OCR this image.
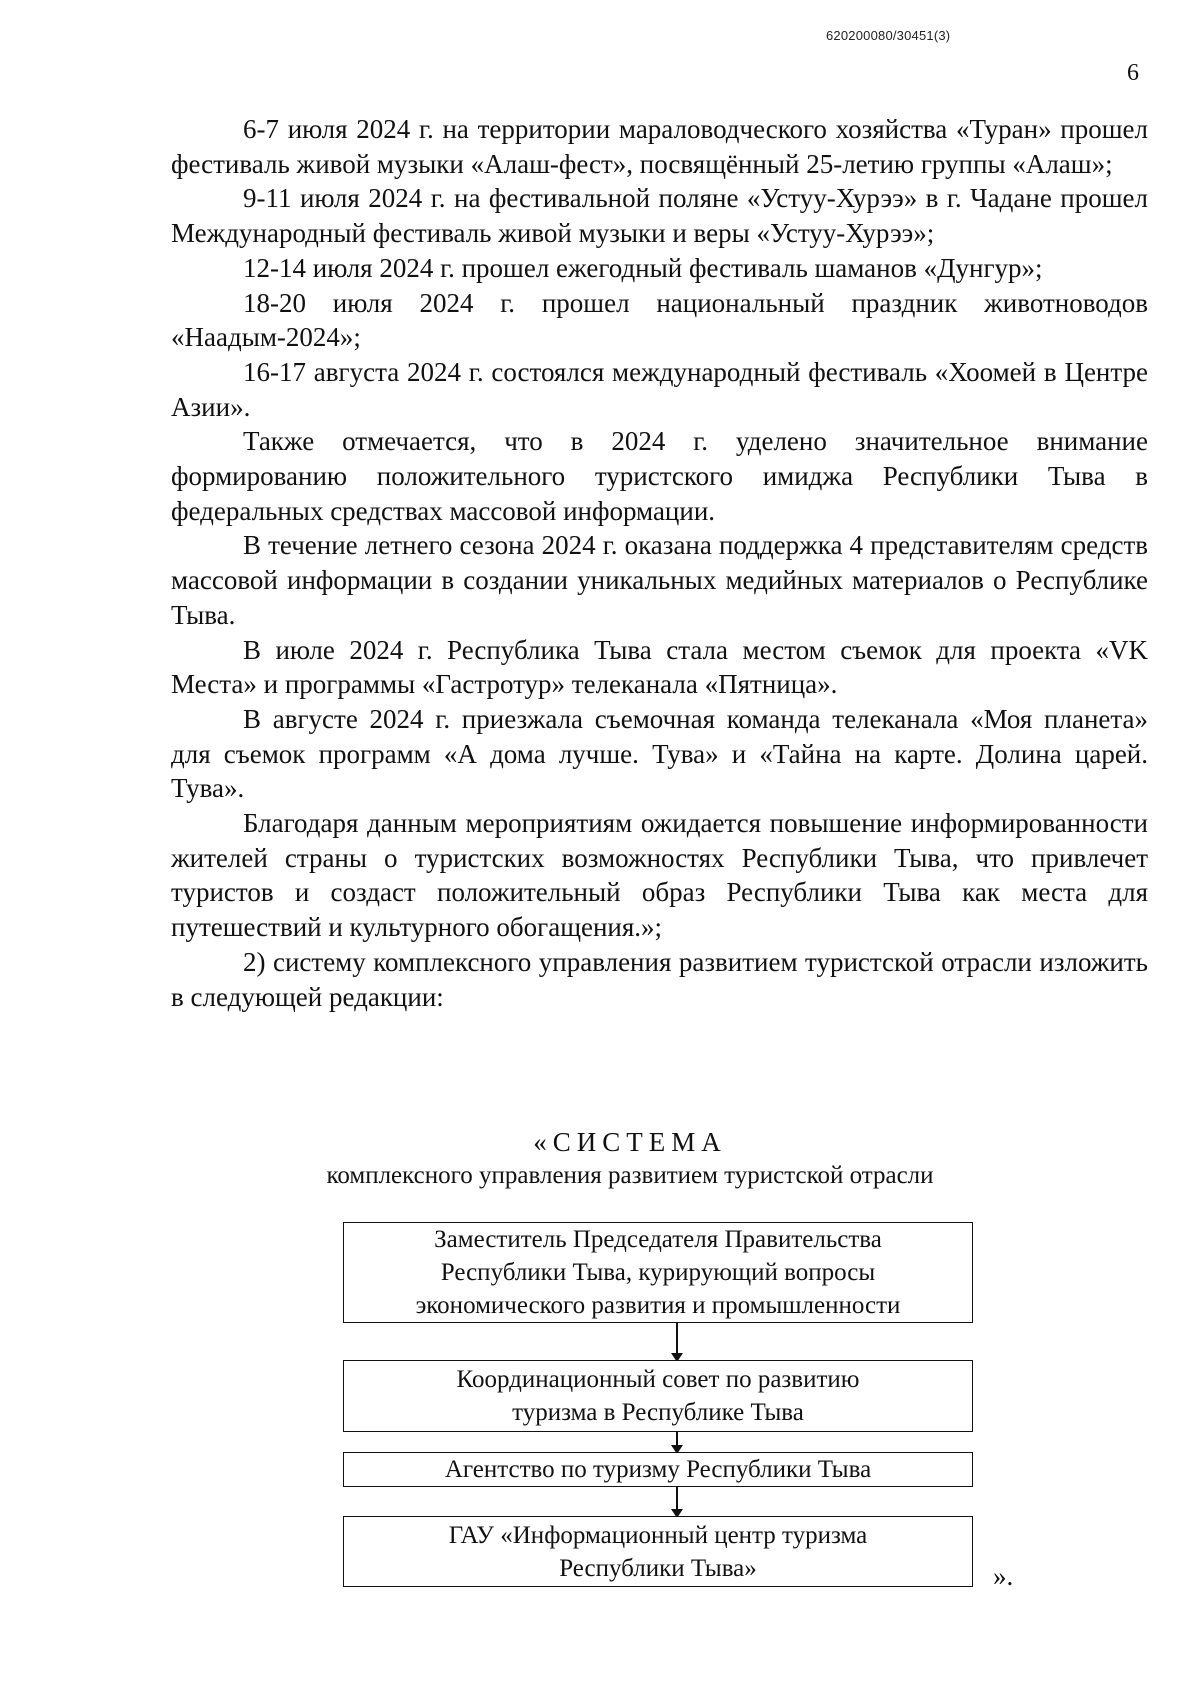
620200080/30451(3)
6

6-7 июля 2024 г. на территории мараловодческого хозяйства «Туран» прошел фестиваль живой музыки «Алаш-фест», посвящённый 25-летию группы «Алаш»;

9-11 июля 2024 г. на фестивальной поляне «Устуу-Хурээ» в г. Чадане прошел Международный фестиваль живой музыки и веры «Устуу-Хурээ»;

12-14 июля 2024 г. прошел ежегодный фестиваль шаманов «Дунгур»;

18-20 июля 2024 г. прошел национальный праздник животноводов «Наадым-2024»;

16-17 августа 2024 г. состоялся международный фестиваль «Хоомей в Центре Азии».

Также отмечается, что в 2024 г. уделено значительное внимание формированию положительного туристского имиджа Республики Тыва в федеральных средствах массовой информации.

В течение летнего сезона 2024 г. оказана поддержка 4 представителям средств массовой информации в создании уникальных медийных материалов о Республике Тыва.

В июле 2024 г. Республика Тыва стала местом съемок для проекта «VK Места» и программы «Гастротур» телеканала «Пятница».

В августе 2024 г. приезжала съемочная команда телеканала «Моя планета» для съемок программ «А дома лучше. Тува» и «Тайна на карте. Долина царей. Тува».

Благодаря данным мероприятиям ожидается повышение информированности жителей страны о туристских возможностях Республики Тыва, что привлечет туристов и создаст положительный образ Республики Тыва как места для путешествий и культурного обогащения.»;

2) систему комплексного управления развитием туристской отрасли изложить в следующей редакции:

«СИСТЕМА
комплексного управления развитием туристской отрасли
Заместитель Председателя Правительства
Республики Тыва, курирующий вопросы
экономического развития и промышленности
Координационный совет по развитию
туризма в Республике Тыва
Агентство по туризму Республики Тыва
ГАУ «Информационный центр туризма
Республики Тыва»	».
